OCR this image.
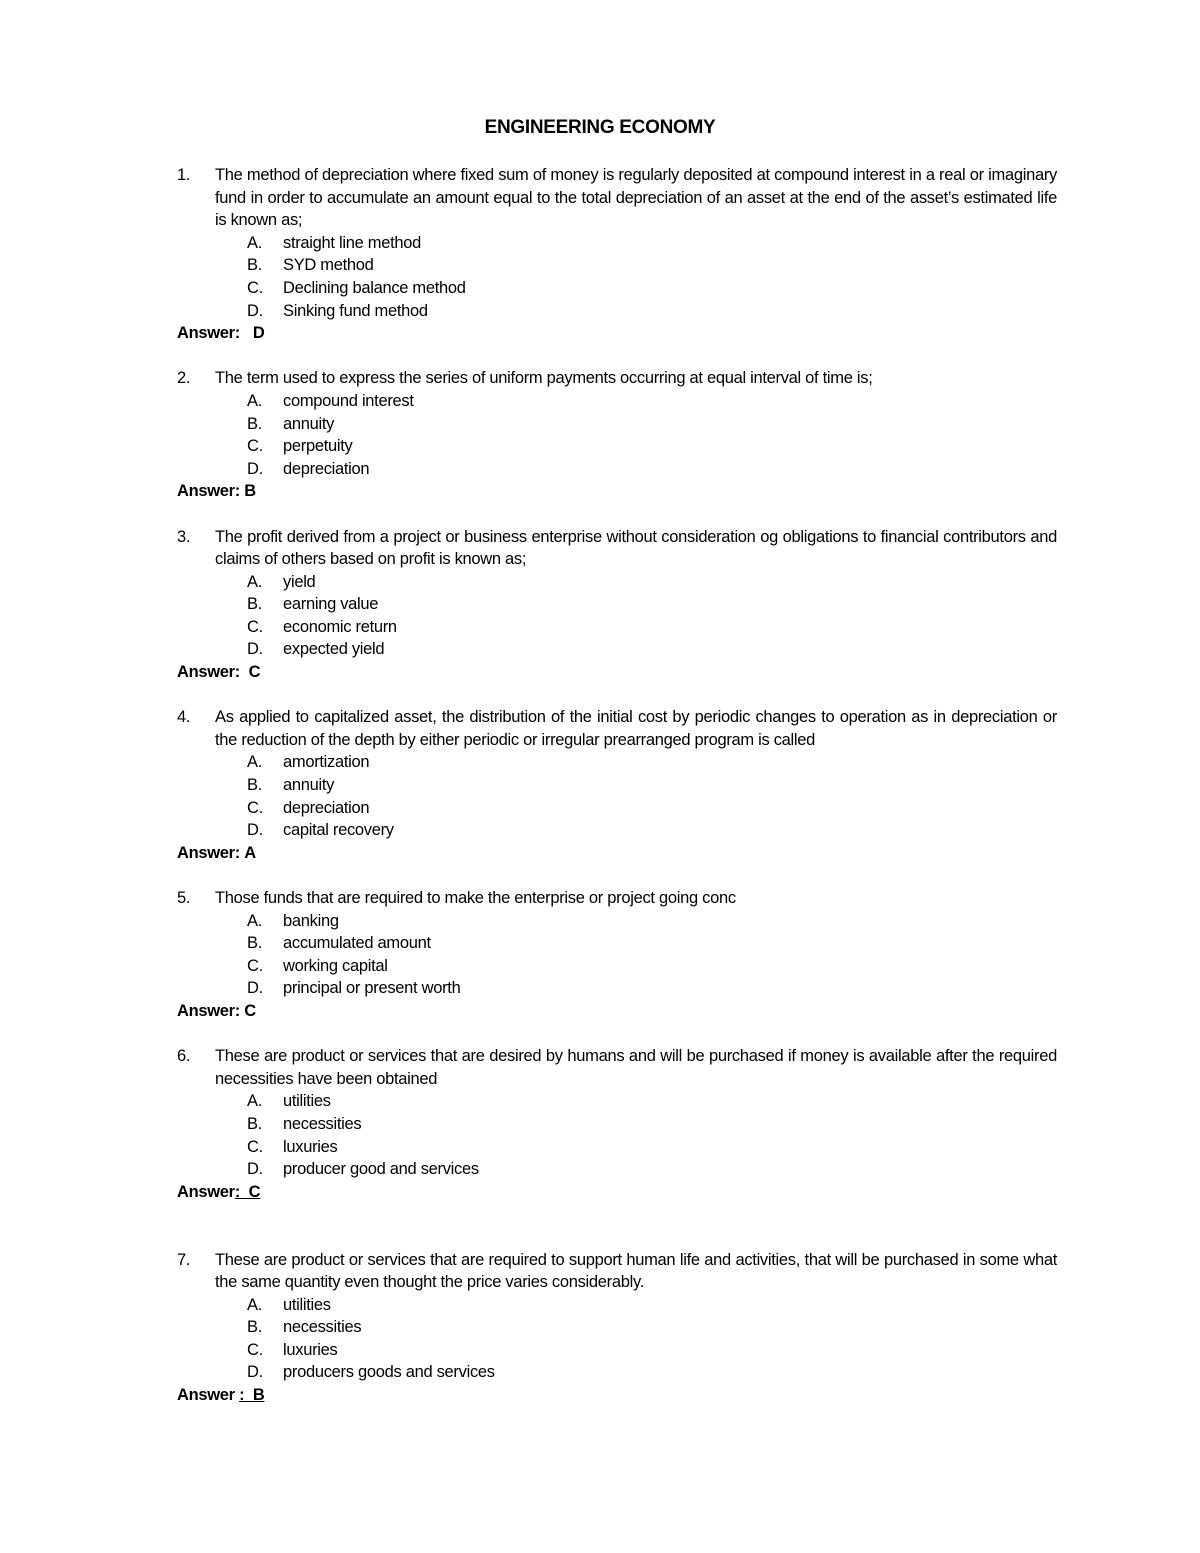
ENGINEERING ECONOMY
1. The method of depreciation where fixed sum of money is regularly deposited at compound interest in a real or imaginary fund in order to accumulate an amount equal to the total depreciation of an asset at the end of the asset’s estimated life is known as;
A. straight line method
B. SYD method
C. Declining balance method
D. Sinking fund method
Answer: D
2. The term used to express the series of uniform payments occurring at equal interval of time is;
A. compound interest
B. annuity
C. perpetuity
D. depreciation
Answer: B
3. The profit derived from a project or business enterprise without consideration og obligations to financial contributors and claims of others based on profit is known as;
A. yield
B. earning value
C. economic return
D. expected yield
Answer: C
4. As applied to capitalized asset, the distribution of the initial cost by periodic changes to operation as in depreciation or the reduction of the depth by either periodic or irregular prearranged program is called
A. amortization
B. annuity
C. depreciation
D. capital recovery
Answer: A
5. Those funds that are required to make the enterprise or project going conc
A. banking
B. accumulated amount
C. working capital
D. principal or present worth
Answer: C
6. These are product or services that are desired by humans and will be purchased if money is available after the required necessities have been obtained
A. utilities
B. necessities
C. luxuries
D. producer good and services
Answer: C
7. These are product or services that are required to support human life and activities, that will be purchased in some what the same quantity even thought the price varies considerably.
A. utilities
B. necessities
C. luxuries
D. producers goods and services
Answer : B
